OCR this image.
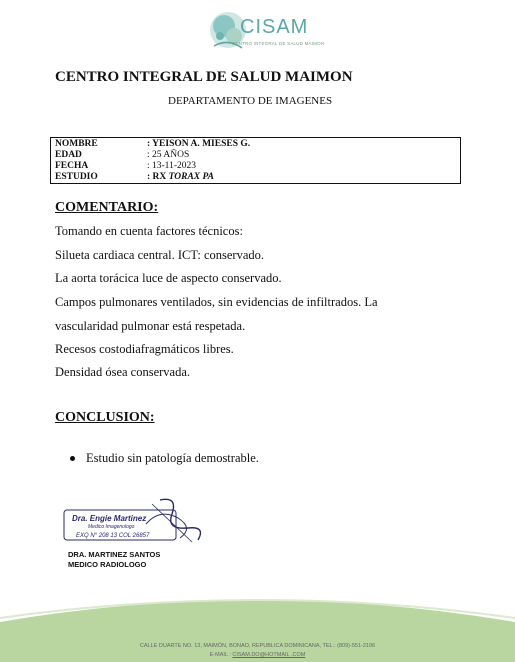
CISAM
CENTRO INTEGRAL DE SALUD MAIMON
CENTRO INTEGRAL DE SALUD MAIMON
DEPARTAMENTO DE IMAGENES
NOMBRE	: YEISON A. MIESES G.
EDAD	: 25 AÑOS
FECHA	: 13-11-2023
ESTUDIO	: RX TORAX PA
COMENTARIO:
Tomando en cuenta factores técnicos:
Silueta cardiaca central. ICT: conservado.
La aorta torácica luce de aspecto conservado.
Campos pulmonares ventilados, sin evidencias de infiltrados. La
vascularidad pulmonar está respetada.
Recesos costodiafragmáticos libres.
Densidad ósea conservada.
CONCLUSION:
Estudio sin patología demostrable.
Dra. Engie Martinez
Medico Imagenologo
EXQ N° 208 13 COL 26857
DRA. MARTINEZ SANTOS
MEDICO RADIOLOGO
CALLE DUARTE NO. 13, MAIMÓN, BONAO, REPUBLICA DOMINICANA, TEL.: (809)-551-2106
E-MAIL : CISAM.DO@HOTMAIL .COM
